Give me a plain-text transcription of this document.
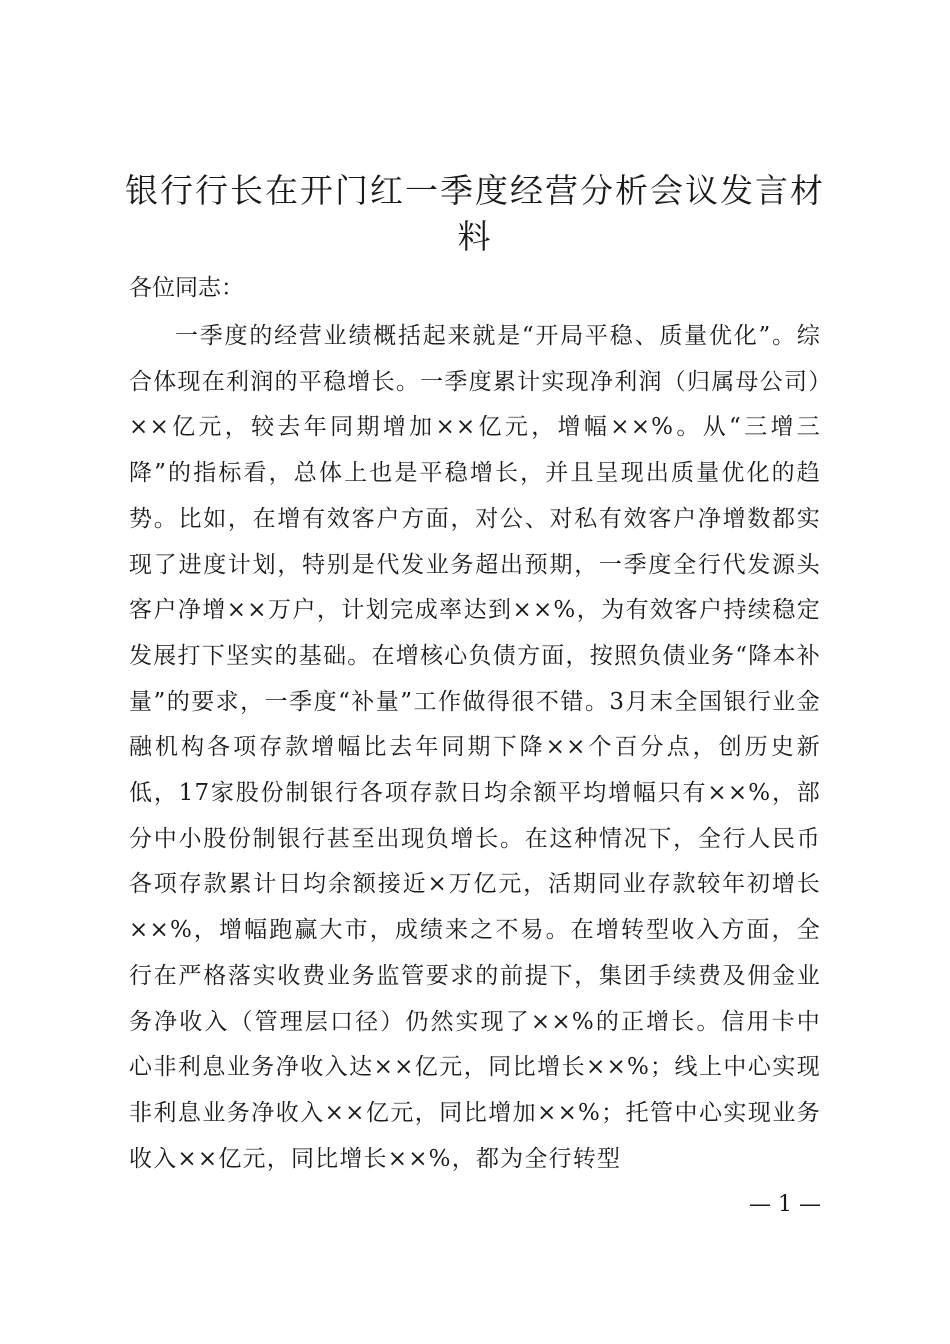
银行行长在开门红一季度经营分析会议发言材料

各位同志：

一季度的经营业绩概括起来就是“开局平稳、质量优化”。综合体现在利润的平稳增长。一季度累计实现净利润（归属母公司）××亿元，较去年同期增加××亿元，增幅××%。从“三增三降”的指标看，总体上也是平稳增长，并且呈现出质量优化的趋势。比如，在增有效客户方面，对公、对私有效客户净增数都实现了进度计划，特别是代发业务超出预期，一季度全行代发源头客户净增××万户，计划完成率达到××%，为有效客户持续稳定发展打下坚实的基础。在增核心负债方面，按照负债业务“降本补量”的要求，一季度“补量”工作做得很不错。3月末全国银行业金融机构各项存款增幅比去年同期下降××个百分点，创历史新低，17家股份制银行各项存款日均余额平均增幅只有××%，部分中小股份制银行甚至出现负增长。在这种情况下，全行人民币各项存款累计日均余额接近×万亿元，活期同业存款较年初增长××%，增幅跑赢大市，成绩来之不易。在增转型收入方面，全行在严格落实收费业务监管要求的前提下，集团手续费及佣金业务净收入（管理层口径）仍然实现了××%的正增长。信用卡中心非利息业务净收入达××亿元，同比增长××%；线上中心实现非利息业务净收入××亿元，同比增加××%；托管中心实现业务收入××亿元，同比增长××%，都为全行转型

— 1 —
